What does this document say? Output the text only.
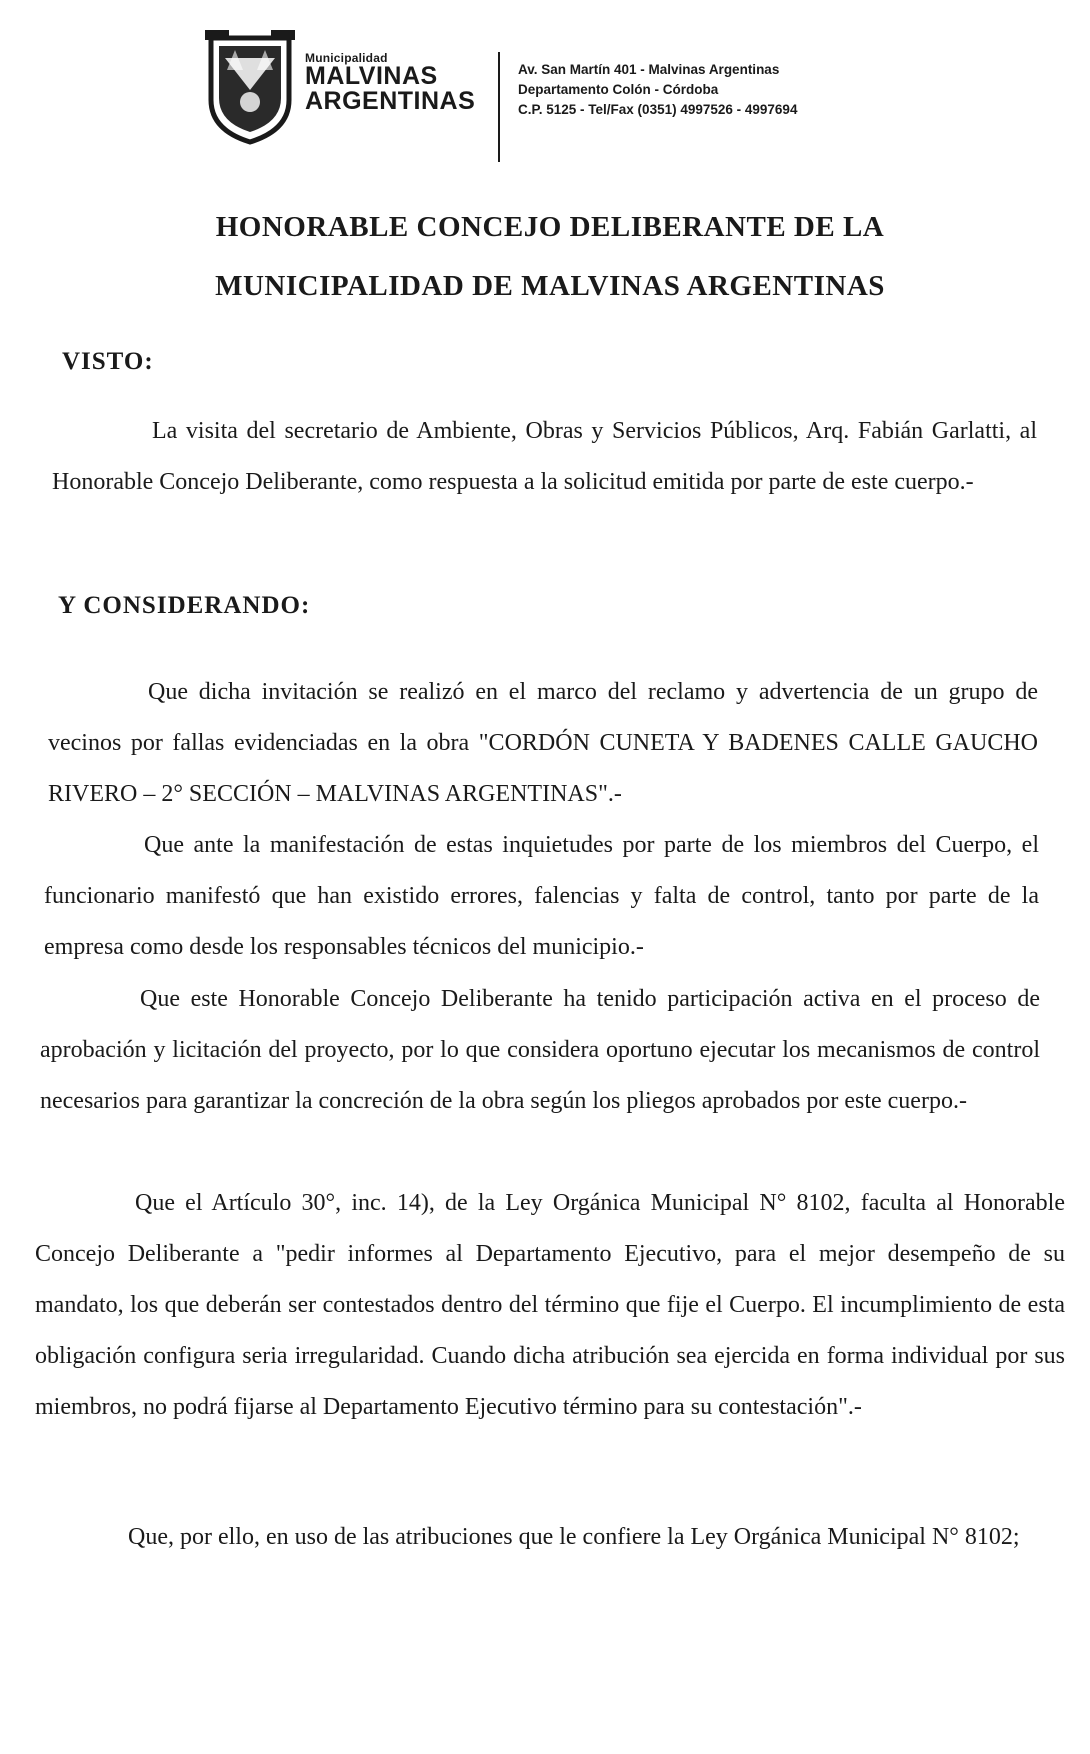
Municipalidad
MALVINAS
ARGENTINAS
Av. San Martín 401 - Malvinas Argentinas
Departamento Colón - Córdoba
C.P. 5125 - Tel/Fax (0351) 4997526 - 4997694
HONORABLE CONCEJO DELIBERANTE DE LA
MUNICIPALIDAD DE MALVINAS ARGENTINAS
VISTO:
La visita del secretario de Ambiente, Obras y Servicios Públicos, Arq. Fabián Garlatti, al Honorable Concejo Deliberante, como respuesta a la solicitud emitida por parte de este cuerpo.-
Y CONSIDERANDO:
Que dicha invitación se realizó en el marco del reclamo y advertencia de un grupo de vecinos por fallas evidenciadas en la obra "CORDÓN CUNETA Y BADENES CALLE GAUCHO RIVERO – 2° SECCIÓN – MALVINAS ARGENTINAS".-
Que ante la manifestación de estas inquietudes por parte de los miembros del Cuerpo, el funcionario manifestó que han existido errores, falencias y falta de control, tanto por parte de la empresa como desde los responsables técnicos del municipio.-
Que este Honorable Concejo Deliberante ha tenido participación activa en el proceso de aprobación y licitación del proyecto, por lo que considera oportuno ejecutar los mecanismos de control necesarios para garantizar la concreción de la obra según los pliegos aprobados por este cuerpo.-
Que el Artículo 30°, inc. 14), de la Ley Orgánica Municipal N° 8102, faculta al Honorable Concejo Deliberante a "pedir informes al Departamento Ejecutivo, para el mejor desempeño de su mandato, los que deberán ser contestados dentro del término que fije el Cuerpo. El incumplimiento de esta obligación configura seria irregularidad. Cuando dicha atribución sea ejercida en forma individual por sus miembros, no podrá fijarse al Departamento Ejecutivo término para su contestación".-
Que, por ello, en uso de las atribuciones que le confiere la Ley Orgánica Municipal N° 8102;
